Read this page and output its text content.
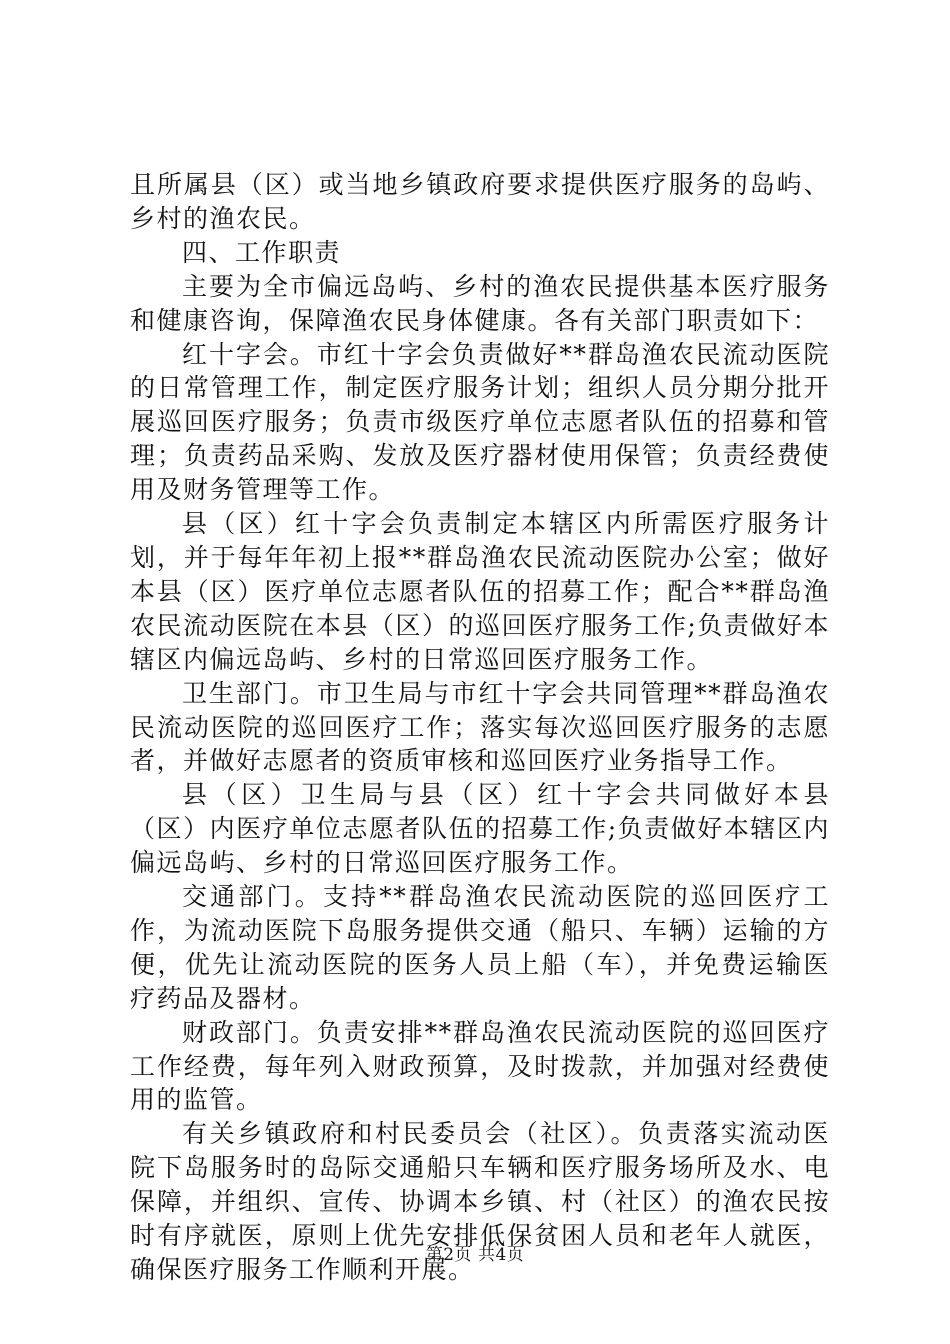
且所属县（区）或当地乡镇政府要求提供医疗服务的岛屿、乡村的渔农民。

四、工作职责

主要为全市偏远岛屿、乡村的渔农民提供基本医疗服务和健康咨询，保障渔农民身体健康。各有关部门职责如下：

红十字会。市红十字会负责做好**群岛渔农民流动医院的日常管理工作，制定医疗服务计划；组织人员分期分批开展巡回医疗服务；负责市级医疗单位志愿者队伍的招募和管理；负责药品采购、发放及医疗器材使用保管；负责经费使用及财务管理等工作。

县（区）红十字会负责制定本辖区内所需医疗服务计划，并于每年年初上报**群岛渔农民流动医院办公室；做好本县（区）医疗单位志愿者队伍的招募工作；配合**群岛渔农民流动医院在本县（区）的巡回医疗服务工作;负责做好本辖区内偏远岛屿、乡村的日常巡回医疗服务工作。

卫生部门。市卫生局与市红十字会共同管理**群岛渔农民流动医院的巡回医疗工作；落实每次巡回医疗服务的志愿者，并做好志愿者的资质审核和巡回医疗业务指导工作。

县（区）卫生局与县（区）红十字会共同做好本县（区）内医疗单位志愿者队伍的招募工作;负责做好本辖区内偏远岛屿、乡村的日常巡回医疗服务工作。

交通部门。支持**群岛渔农民流动医院的巡回医疗工作，为流动医院下岛服务提供交通（船只、车辆）运输的方便，优先让流动医院的医务人员上船（车），并免费运输医疗药品及器材。

财政部门。负责安排**群岛渔农民流动医院的巡回医疗工作经费，每年列入财政预算，及时拨款，并加强对经费使用的监管。

有关乡镇政府和村民委员会（社区）。负责落实流动医院下岛服务时的岛际交通船只车辆和医疗服务场所及水、电保障，并组织、宣传、协调本乡镇、村（社区）的渔农民按时有序就医，原则上优先安排低保贫困人员和老年人就医，确保医疗服务工作顺利开展。

第2页 共4页
